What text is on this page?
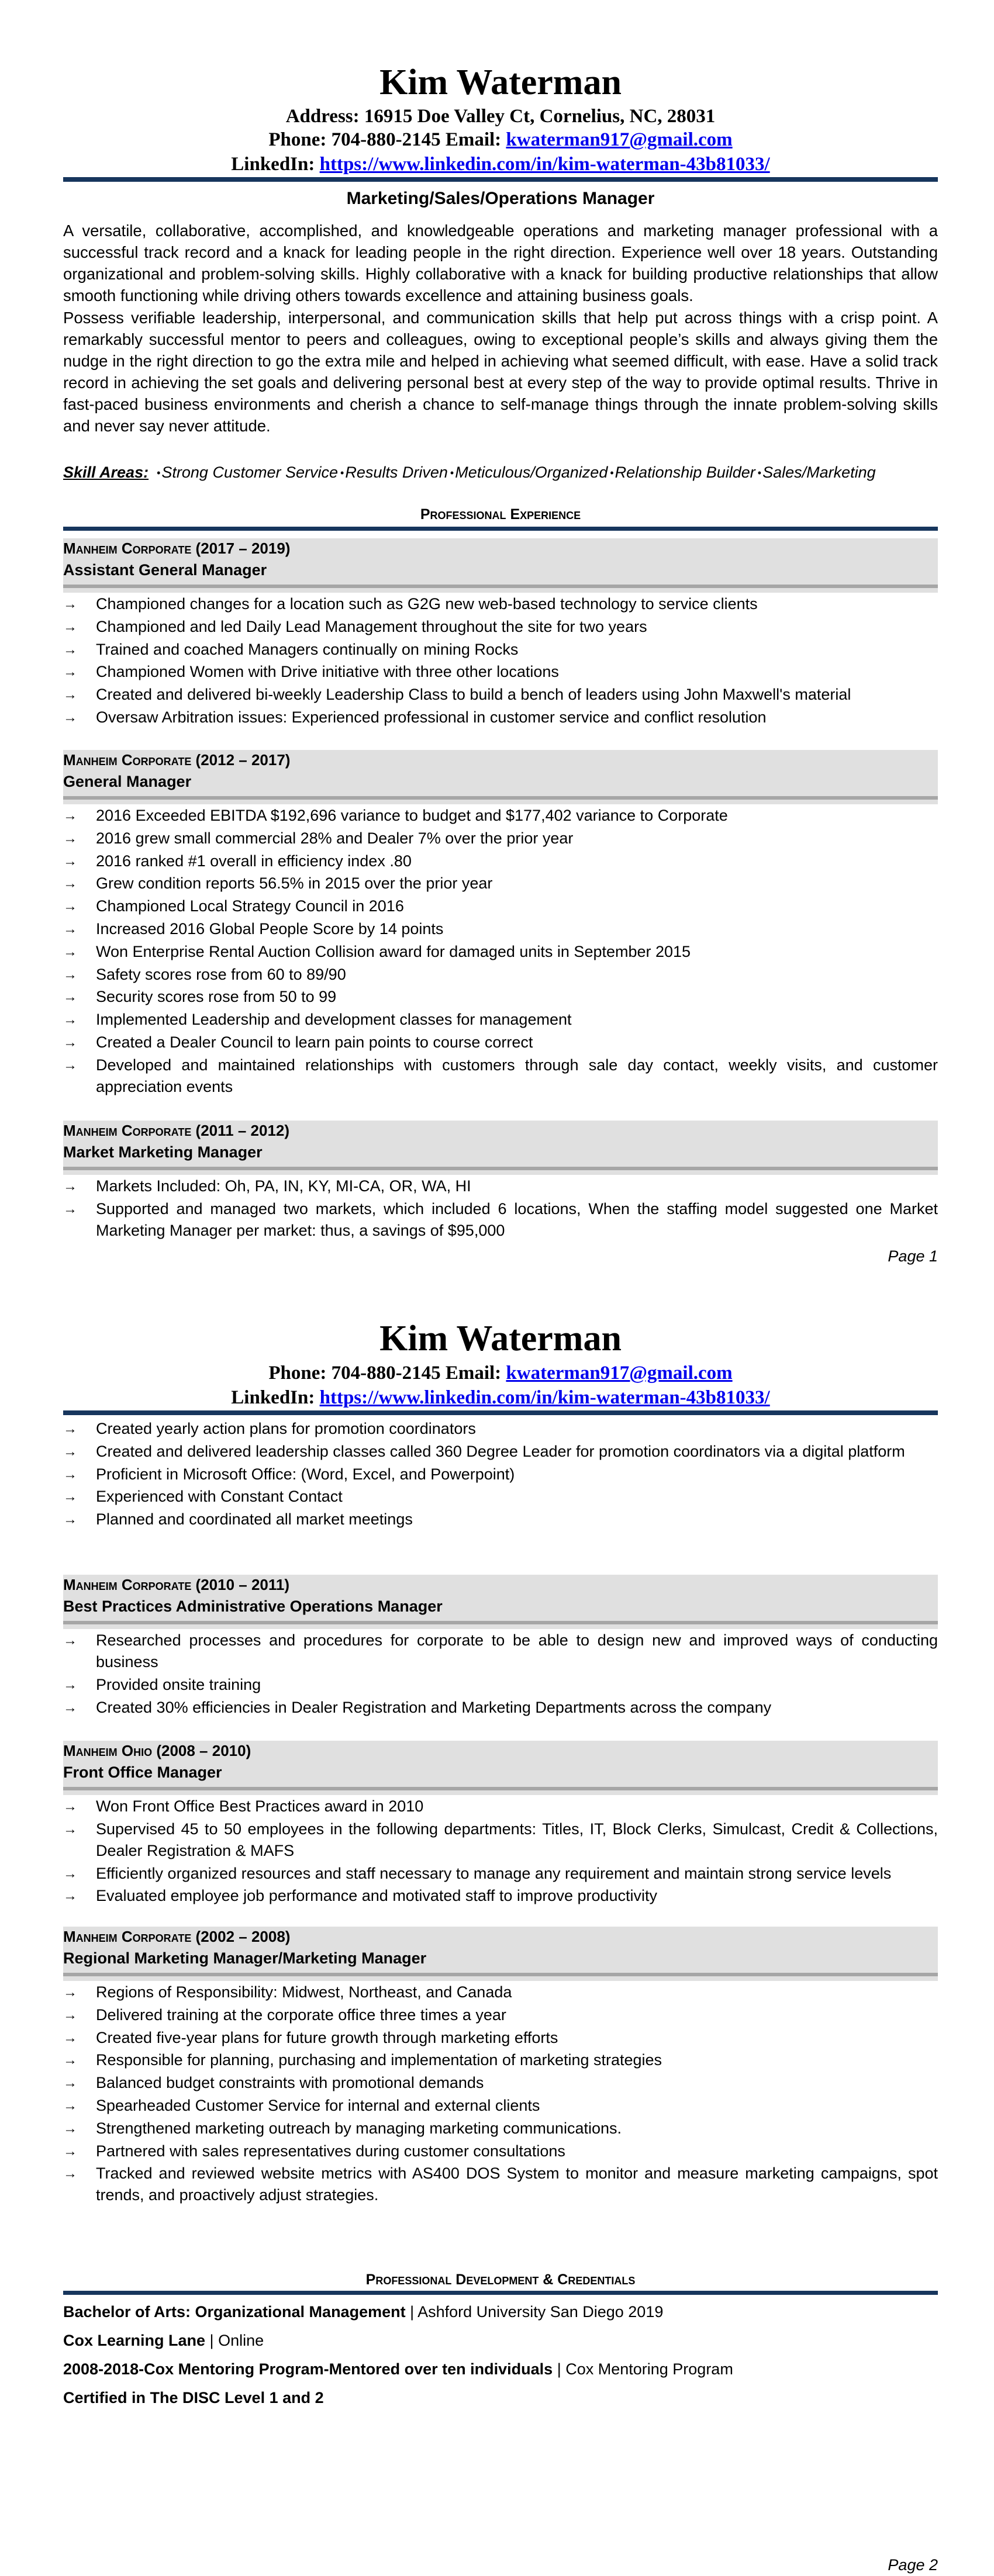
Kim Waterman
Address: 16915 Doe Valley Ct, Cornelius, NC, 28031
Phone: 704-880-2145 Email: kwaterman917@gmail.com
LinkedIn: https://www.linkedin.com/in/kim-waterman-43b81033/
Marketing/Sales/Operations Manager

A versatile, collaborative, accomplished, and knowledgeable operations and marketing manager professional with a successful track record and a knack for leading people in the right direction. Experience well over 18 years. Outstanding organizational and problem-solving skills. Highly collaborative with a knack for building productive relationships that allow smooth functioning while driving others towards excellence and attaining business goals.

Possess verifiable leadership, interpersonal, and communication skills that help put across things with a crisp point. A remarkably successful mentor to peers and colleagues, owing to exceptional people’s skills and always giving them the nudge in the right direction to go the extra mile and helped in achieving what seemed difficult, with ease. Have a solid track record in achieving the set goals and delivering personal best at every step of the way to provide optimal results. Thrive in fast-paced business environments and cherish a chance to self-manage things through the innate problem-solving skills and never say never attitude.

Skill Areas: •Strong Customer Service •Results Driven •Meticulous/Organized •Relationship Builder •Sales/Marketing
Professional Experience
Page 1
Kim Waterman
Phone: 704-880-2145 Email: kwaterman917@gmail.com
LinkedIn: https://www.linkedin.com/in/kim-waterman-43b81033/
→ Created yearly action plans for promotion coordinators
→ Created and delivered leadership classes called 360 Degree Leader for promotion coordinators via a digital platform
→ Proficient in Microsoft Office: (Word, Excel, and Powerpoint)
→ Experienced with Constant Contact
→ Planned and coordinated all market meetings
Professional Development & Credentials
Bachelor of Arts: Organizational Management | Ashford University San Diego 2019
Cox Learning Lane | Online
2008-2018-Cox Mentoring Program-Mentored over ten individuals | Cox Mentoring Program
Certified in The DISC Level 1 and 2
Page 2
Manheim Corporate (2017 – 2019)
Assistant General Manager
→ Championed changes for a location such as G2G new web-based technology to service clients
→ Championed and led Daily Lead Management throughout the site for two years
→ Trained and coached Managers continually on mining Rocks
→ Championed Women with Drive initiative with three other locations
→ Created and delivered bi-weekly Leadership Class to build a bench of leaders using John Maxwell's material
→ Oversaw Arbitration issues: Experienced professional in customer service and conflict resolution
Manheim Corporate (2012 – 2017)
General Manager
→ 2016 Exceeded EBITDA $192,696 variance to budget and $177,402 variance to Corporate
→ 2016 grew small commercial 28% and Dealer 7% over the prior year
→ 2016 ranked #1 overall in efficiency index .80
→ Grew condition reports 56.5% in 2015 over the prior year
→ Championed Local Strategy Council in 2016
→ Increased 2016 Global People Score by 14 points
→ Won Enterprise Rental Auction Collision award for damaged units in September 2015
→ Safety scores rose from 60 to 89/90
→ Security scores rose from 50 to 99
→ Implemented Leadership and development classes for management
→ Created a Dealer Council to learn pain points to course correct
→ Developed and maintained relationships with customers through sale day contact, weekly visits, and customer appreciation events
Manheim Corporate (2011 – 2012)
Market Marketing Manager
→ Markets Included: Oh, PA, IN, KY, MI-CA, OR, WA, HI
→ Supported and managed two markets, which included 6 locations, When the staffing model suggested one Market Marketing Manager per market: thus, a savings of $95,000
Manheim Corporate (2010 – 2011)
Best Practices Administrative Operations Manager
→ Researched processes and procedures for corporate to be able to design new and improved ways of conducting business
→ Provided onsite training
→ Created 30% efficiencies in Dealer Registration and Marketing Departments across the company
Manheim Ohio (2008 – 2010)
Front Office Manager
→ Won Front Office Best Practices award in 2010
→ Supervised 45 to 50 employees in the following departments: Titles, IT, Block Clerks, Simulcast, Credit & Collections, Dealer Registration & MAFS
→ Efficiently organized resources and staff necessary to manage any requirement and maintain strong service levels
→ Evaluated employee job performance and motivated staff to improve productivity
Manheim Corporate (2002 – 2008)
Regional Marketing Manager/Marketing Manager
→ Regions of Responsibility: Midwest, Northeast, and Canada
→ Delivered training at the corporate office three times a year
→ Created five-year plans for future growth through marketing efforts
→ Responsible for planning, purchasing and implementation of marketing strategies
→ Balanced budget constraints with promotional demands
→ Spearheaded Customer Service for internal and external clients
→ Strengthened marketing outreach by managing marketing communications.
→ Partnered with sales representatives during customer consultations
→ Tracked and reviewed website metrics with AS400 DOS System to monitor and measure marketing campaigns, spot trends, and proactively adjust strategies.
